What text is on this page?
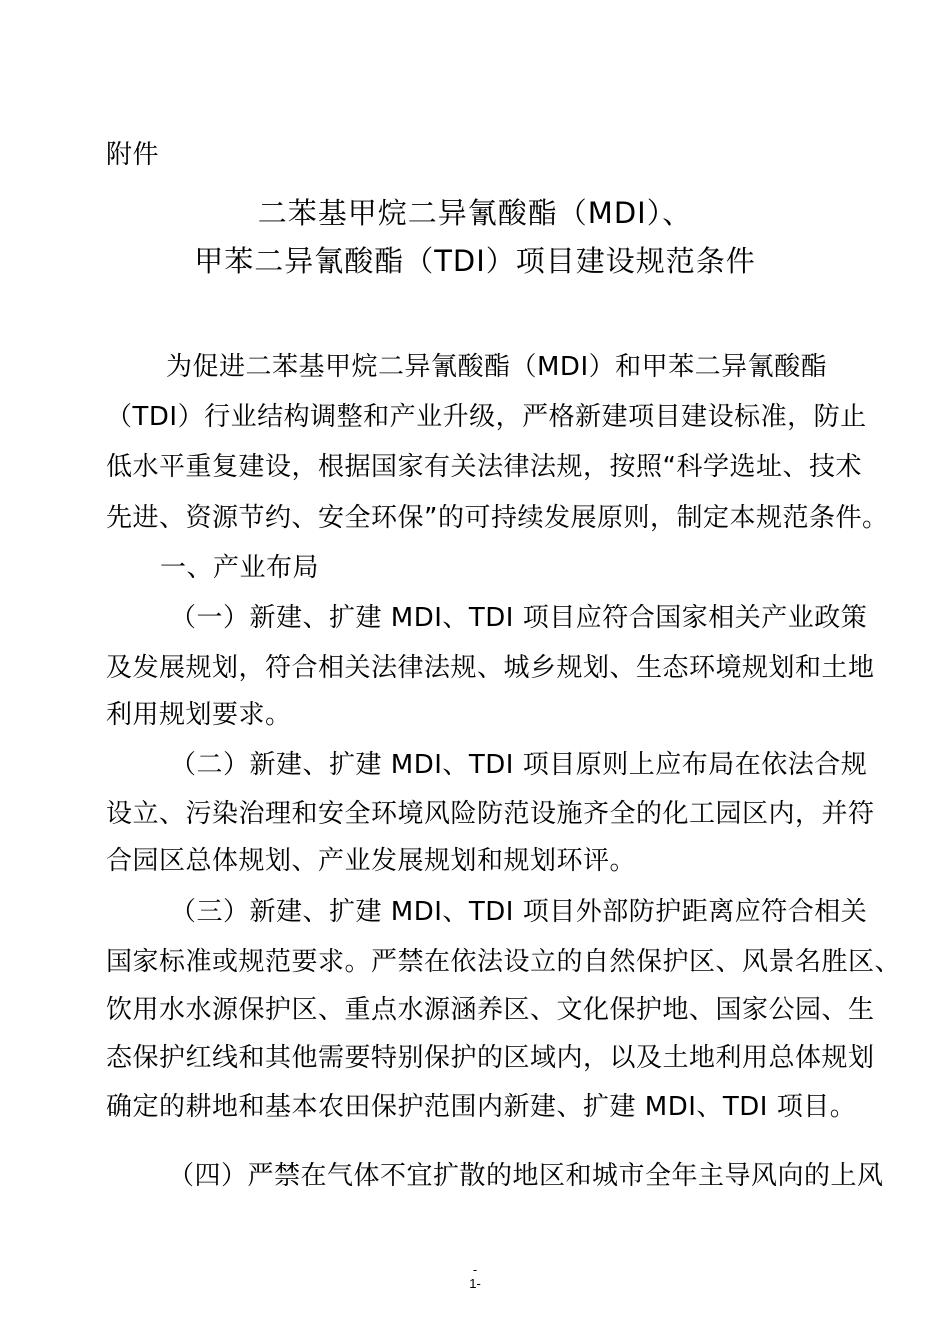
附件
二苯基甲烷二异氰酸酯（MDI）、
甲苯二异氰酸酯（TDI）项目建设规范条件
为促进二苯基甲烷二异氰酸酯（MDI）和甲苯二异氰酸酯
（TDI）行业结构调整和产业升级，严格新建项目建设标准，防止
低水平重复建设，根据国家有关法律法规，按照“科学选址、技术
先进、资源节约、安全环保”的可持续发展原则，制定本规范条件。
一、产业布局
（一）新建、扩建 MDI、TDI 项目应符合国家相关产业政策
及发展规划，符合相关法律法规、城乡规划、生态环境规划和土地
利用规划要求。
（二）新建、扩建 MDI、TDI 项目原则上应布局在依法合规
设立、污染治理和安全环境风险防范设施齐全的化工园区内，并符
合园区总体规划、产业发展规划和规划环评。
（三）新建、扩建 MDI、TDI 项目外部防护距离应符合相关
国家标准或规范要求。严禁在依法设立的自然保护区、风景名胜区、
饮用水水源保护区、重点水源涵养区、文化保护地、国家公园、生
态保护红线和其他需要特别保护的区域内，以及土地利用总体规划
确定的耕地和基本农田保护范围内新建、扩建 MDI、TDI 项目。
（四）严禁在气体不宜扩散的地区和城市全年主导风向的上风
-
1-
